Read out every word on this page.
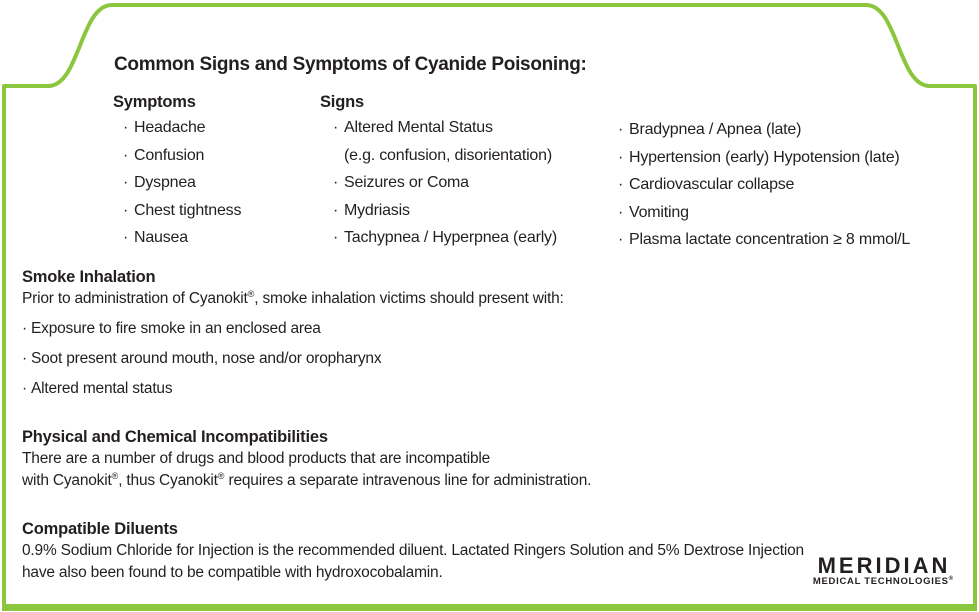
Common Signs and Symptoms of Cyanide Poisoning:
Symptoms
· Headache
· Confusion
· Dyspnea
· Chest tightness
· Nausea
Signs
· Altered Mental Status
(e.g. confusion, disorientation)
· Seizures or Coma
· Mydriasis
· Tachypnea / Hyperpnea (early)
· Bradypnea / Apnea (late)
· Hypertension (early) Hypotension (late)
· Cardiovascular collapse
· Vomiting
· Plasma lactate concentration ≥ 8 mmol/L
Smoke Inhalation
Prior to administration of Cyanokit®, smoke inhalation victims should present with:
· Exposure to fire smoke in an enclosed area
· Soot present around mouth, nose and/or oropharynx
· Altered mental status
Physical and Chemical Incompatibilities
There are a number of drugs and blood products that are incompatible
with Cyanokit®, thus Cyanokit® requires a separate intravenous line for administration.
Compatible Diluents
0.9% Sodium Chloride for Injection is the recommended diluent. Lactated Ringers Solution and 5% Dextrose Injection
have also been found to be compatible with hydroxocobalamin.	MERIDIAN
MEDICAL TECHNOLOGIES®
